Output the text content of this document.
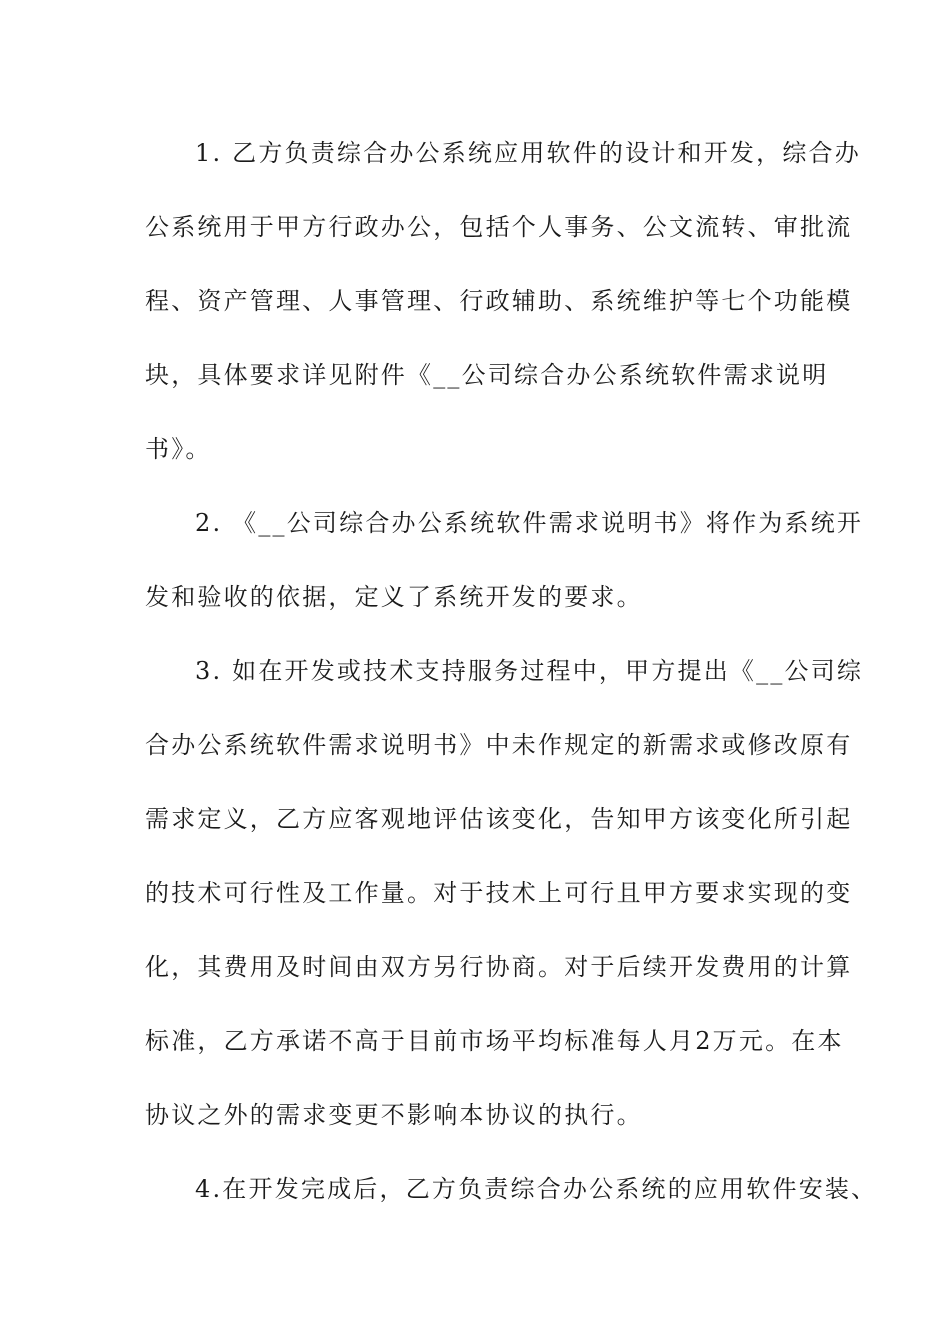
1. 乙方负责综合办公系统应用软件的设计和开发，综合办
公系统用于甲方行政办公，包括个人事务、公文流转、审批流
程、资产管理、人事管理、行政辅助、系统维护等七个功能模
块，具体要求详见附件《__公司综合办公系统软件需求说明
书》。
2. 《__公司综合办公系统软件需求说明书》将作为系统开
发和验收的依据，定义了系统开发的要求。
3. 如在开发或技术支持服务过程中，甲方提出《__公司综
合办公系统软件需求说明书》中未作规定的新需求或修改原有
需求定义，乙方应客观地评估该变化，告知甲方该变化所引起
的技术可行性及工作量。对于技术上可行且甲方要求实现的变
化，其费用及时间由双方另行协商。对于后续开发费用的计算
标准，乙方承诺不高于目前市场平均标准每人月2万元。在本
协议之外的需求变更不影响本协议的执行。
4.在开发完成后，乙方负责综合办公系统的应用软件安装、
